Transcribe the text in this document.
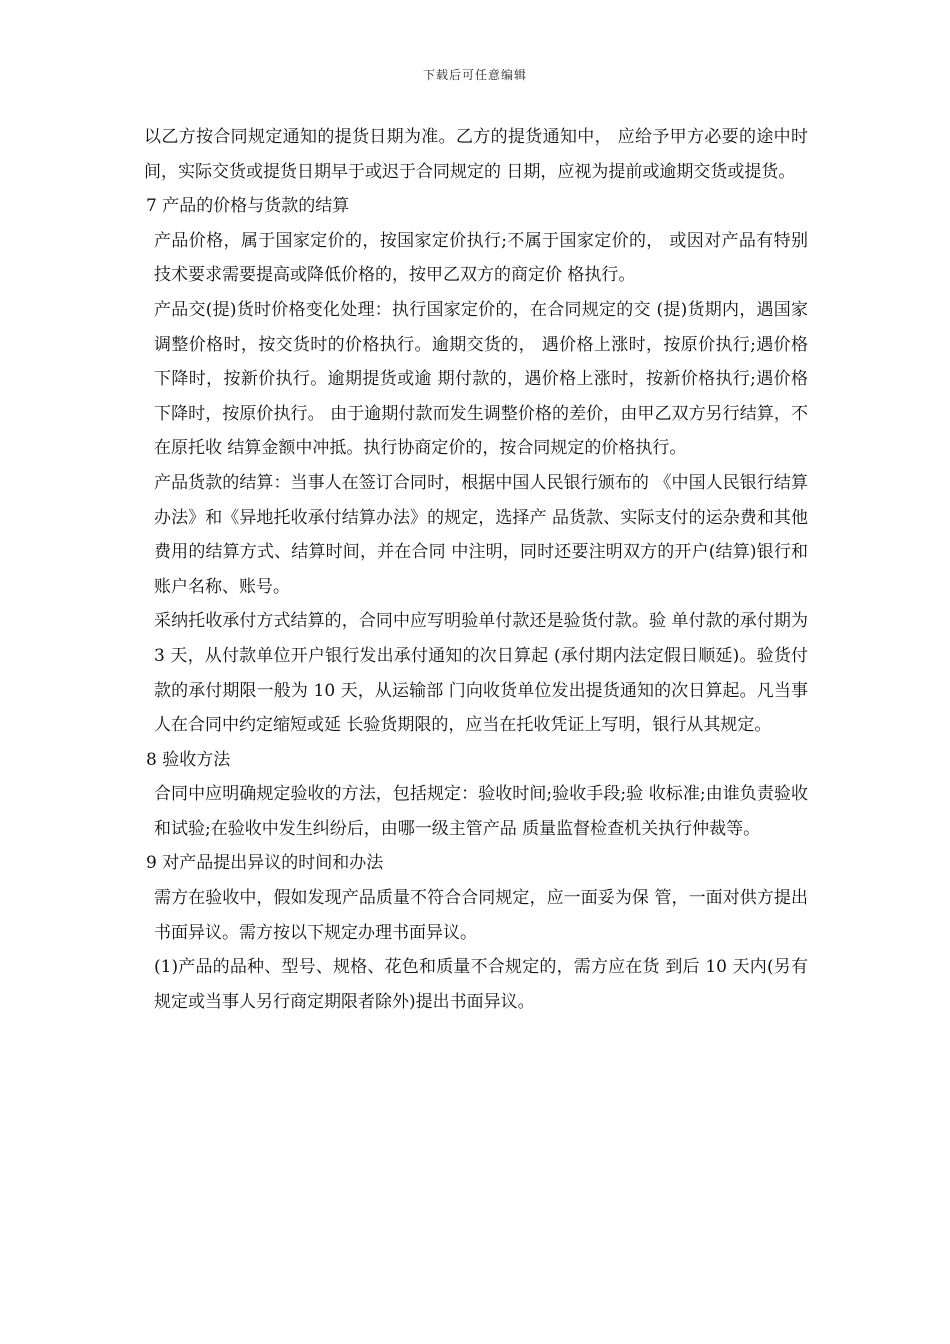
下载后可任意编辑

以乙方按合同规定通知的提货日期为准。乙方的提货通知中， 应给予甲方必要的途中时间，实际交货或提货日期早于或迟于合同规定的 日期，应视为提前或逾期交货或提货。

7 产品的价格与货款的结算

产品价格，属于国家定价的，按国家定价执行;不属于国家定价的， 或因对产品有特别技术要求需要提高或降低价格的，按甲乙双方的商定价 格执行。

产品交(提)货时价格变化处理：执行国家定价的，在合同规定的交 (提)货期内，遇国家调整价格时，按交货时的价格执行。逾期交货的， 遇价格上涨时，按原价执行;遇价格下降时，按新价执行。逾期提货或逾 期付款的，遇价格上涨时，按新价格执行;遇价格下降时，按原价执行。 由于逾期付款而发生调整价格的差价，由甲乙双方另行结算，不在原托收 结算金额中冲抵。执行协商定价的，按合同规定的价格执行。

产品货款的结算：当事人在签订合同时，根据中国人民银行颁布的 《中国人民银行结算办法》和《异地托收承付结算办法》的规定，选择产 品货款、实际支付的运杂费和其他费用的结算方式、结算时间，并在合同 中注明，同时还要注明双方的开户(结算)银行和账户名称、账号。

采纳托收承付方式结算的，合同中应写明验单付款还是验货付款。验 单付款的承付期为 3 天，从付款单位开户银行发出承付通知的次日算起 (承付期内法定假日顺延)。验货付款的承付期限一般为 10 天，从运输部 门向收货单位发出提货通知的次日算起。凡当事人在合同中约定缩短或延 长验货期限的，应当在托收凭证上写明，银行从其规定。

8 验收方法

合同中应明确规定验收的方法，包括规定：验收时间;验收手段;验 收标准;由谁负责验收和试验;在验收中发生纠纷后，由哪一级主管产品 质量监督检查机关执行仲裁等。

9 对产品提出异议的时间和办法

需方在验收中，假如发现产品质量不符合合同规定，应一面妥为保 管，一面对供方提出书面异议。需方按以下规定办理书面异议。

(1)产品的品种、型号、规格、花色和质量不合规定的，需方应在货 到后 10 天内(另有规定或当事人另行商定期限者除外)提出书面异议。
